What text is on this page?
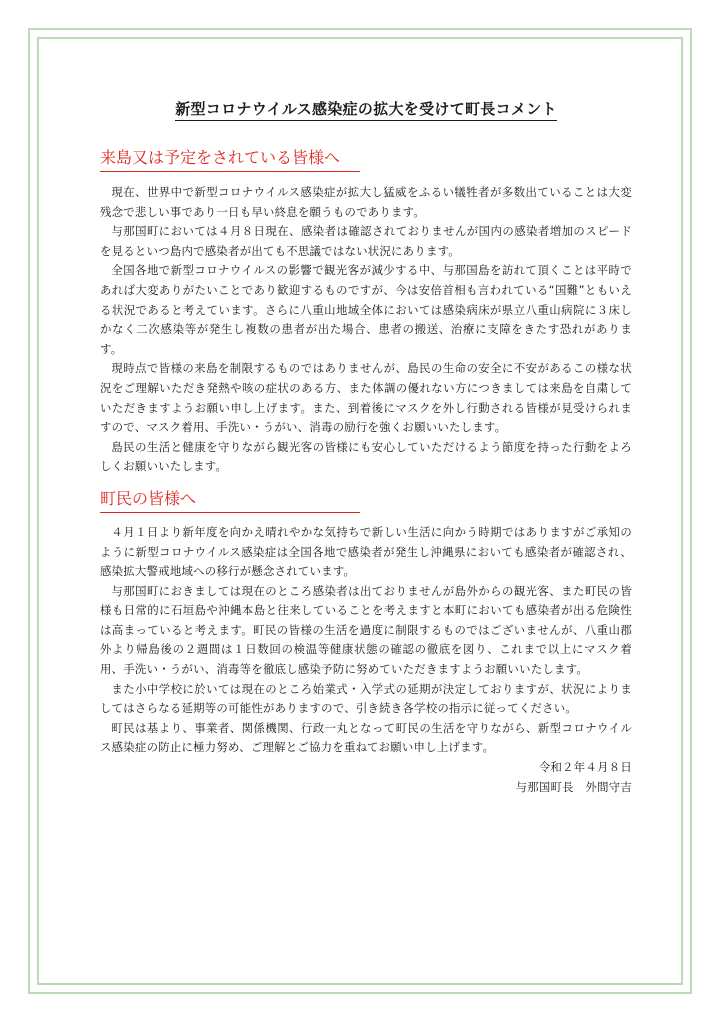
新型コロナウイルス感染症の拡大を受けて町長コメント
来島又は予定をされている皆様へ

現在、世界中で新型コロナウイルス感染症が拡大し猛威をふるい犠牲者が多数出ていることは大変残念で悲しい事であり一日も早い終息を願うものであります。

与那国町においては４月８日現在、感染者は確認されておりませんが国内の感染者増加のスピードを見るといつ島内で感染者が出ても不思議ではない状況にあります。

全国各地で新型コロナウイルスの影響で観光客が減少する中、与那国島を訪れて頂くことは平時であれば大変ありがたいことであり歓迎するものですが、今は安倍首相も言われている“国難”ともいえる状況であると考えています。さらに八重山地域全体においては感染病床が県立八重山病院に３床しかなく二次感染等が発生し複数の患者が出た場合、患者の搬送、治療に支障をきたす恐れがあります。

現時点で皆様の来島を制限するものではありませんが、島民の生命の安全に不安があるこの様な状況をご理解いただき発熱や咳の症状のある方、また体調の優れない方につきましては来島を自粛していただきますようお願い申し上げます。また、到着後にマスクを外し行動される皆様が見受けられますので、マスク着用、手洗い・うがい、消毒の励行を強くお願いいたします。

島民の生活と健康を守りながら観光客の皆様にも安心していただけるよう節度を持った行動をよろしくお願いいたします。

町民の皆様へ

４月１日より新年度を向かえ晴れやかな気持ちで新しい生活に向かう時期ではありますがご承知のように新型コロナウイルス感染症は全国各地で感染者が発生し沖縄県においても感染者が確認され、感染拡大警戒地域への移行が懸念されています。

与那国町におきましては現在のところ感染者は出ておりませんが島外からの観光客、また町民の皆様も日常的に石垣島や沖縄本島と往来していることを考えますと本町においても感染者が出る危険性は高まっていると考えます。町民の皆様の生活を過度に制限するものではございませんが、八重山郡外より帰島後の２週間は１日数回の検温等健康状態の確認の徹底を図り、これまで以上にマスク着用、手洗い・うがい、消毒等を徹底し感染予防に努めていただきますようお願いいたします。

また小中学校に於いては現在のところ始業式・入学式の延期が決定しておりますが、状況によりましてはさらなる延期等の可能性がありますので、引き続き各学校の指示に従ってください。

町民は基より、事業者、関係機関、行政一丸となって町民の生活を守りながら、新型コロナウイルス感染症の防止に極力努め、ご理解とご協力を重ねてお願い申し上げます。

令和２年４月８日

与那国町長　外間守吉
